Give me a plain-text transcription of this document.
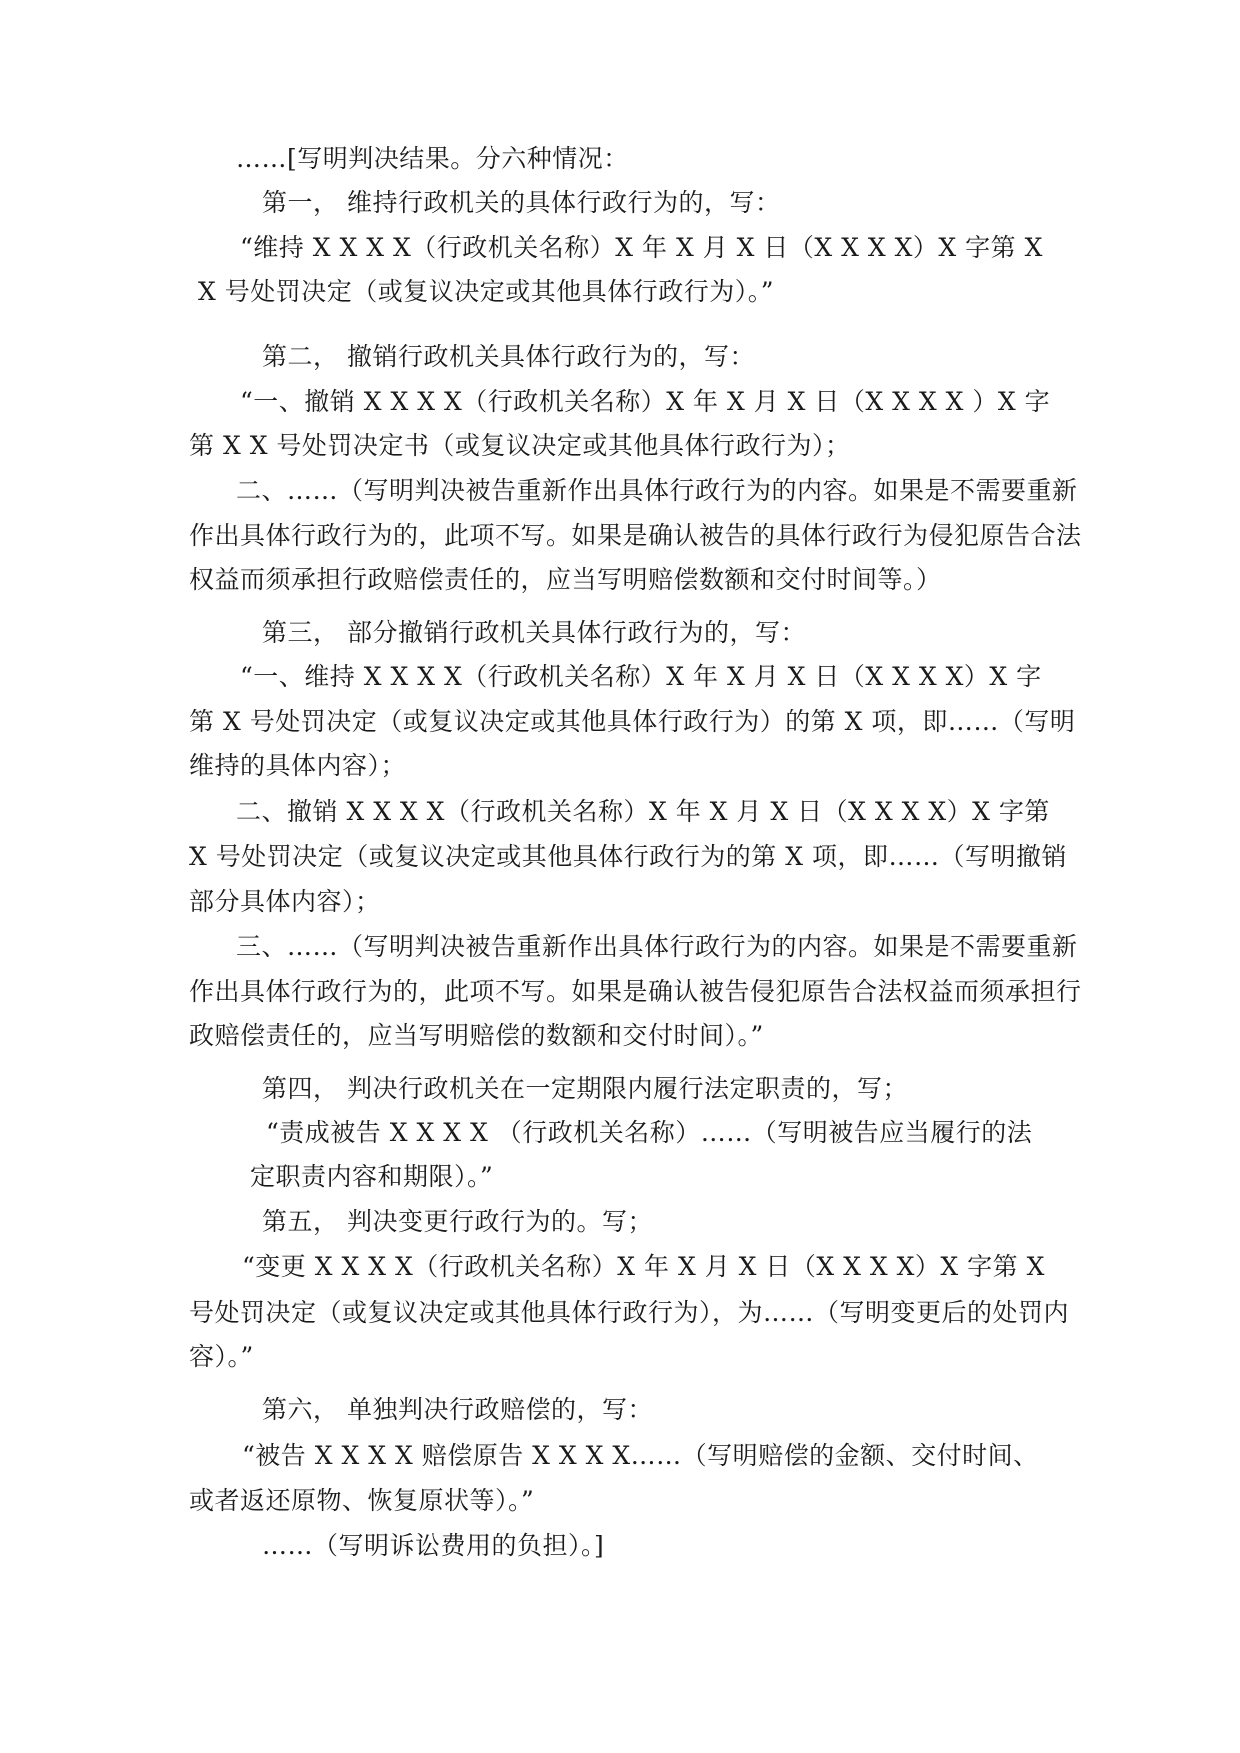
……[写明判决结果。分六种情况：
第一， 维持行政机关的具体行政行为的，写：
“维持 X X X X（行政机关名称）X 年 X 月 X 日（X X X X）X 字第 X
X 号处罚决定（或复议决定或其他具体行政行为）。”
第二， 撤销行政机关具体行政行为的，写：
“一、撤销 X X X X（行政机关名称）X 年 X 月 X 日（X X X X ）X 字
第 X X 号处罚决定书（或复议决定或其他具体行政行为）；
二、……（写明判决被告重新作出具体行政行为的内容。如果是不需要重新
作出具体行政行为的，此项不写。如果是确认被告的具体行政行为侵犯原告合法
权益而须承担行政赔偿责任的，应当写明赔偿数额和交付时间等。）
第三， 部分撤销行政机关具体行政行为的，写：
“一、维持 X X X X（行政机关名称）X 年 X 月 X 日（X X X X）X 字
第 X 号处罚决定（或复议决定或其他具体行政行为）的第 X 项，即……（写明
维持的具体内容）；
二、撤销 X X X X（行政机关名称）X 年 X 月 X 日（X X X X）X 字第
X 号处罚决定（或复议决定或其他具体行政行为的第 X 项，即……（写明撤销
部分具体内容）；
三、……（写明判决被告重新作出具体行政行为的内容。如果是不需要重新
作出具体行政行为的，此项不写。如果是确认被告侵犯原告合法权益而须承担行
政赔偿责任的，应当写明赔偿的数额和交付时间）。”
第四， 判决行政机关在一定期限内履行法定职责的，写；
“责成被告 X X X X （行政机关名称）……（写明被告应当履行的法
定职责内容和期限）。”
第五， 判决变更行政行为的。写；
“变更 X X X X（行政机关名称）X 年 X 月 X 日（X X X X）X 字第 X
号处罚决定（或复议决定或其他具体行政行为），为……（写明变更后的处罚内
容）。”
第六， 单独判决行政赔偿的，写：
“被告 X X X X 赔偿原告 X X X X……（写明赔偿的金额、交付时间、
或者返还原物、恢复原状等）。”
……（写明诉讼费用的负担）。]
